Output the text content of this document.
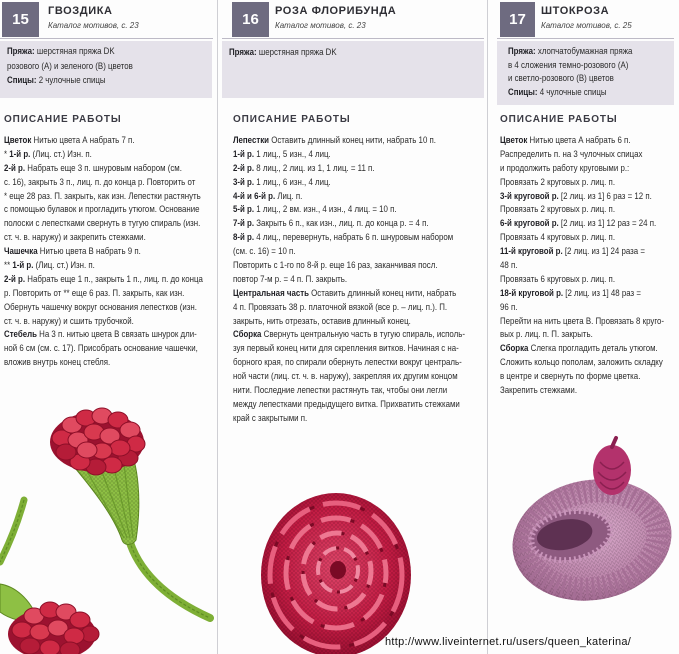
15	ГВОЗДИКА
Каталог мотивов, с. 23
Пряжа: шерстяная пряжа DK
розового (А) и зеленого (В) цветов
Спицы: 2 чулочные спицы
ОПИСАНИЕ РАБОТЫ
Цветок Нитью цвета А набрать 7 п.
* 1-й р. (Лиц. ст.) Изн. п.
2-й р. Набрать еще 3 п. шнуровым набором (см.
с. 16), закрыть 3 п., лиц. п. до конца р. Повторить от
* еще 28 раз. П. закрыть, как изн. Лепестки растянуть
с помощью булавок и прогладить утюгом. Основание
полоски с лепестками свернуть в тугую спираль (изн.
ст. ч. в. наружу) и закрепить стежками.
Чашечка Нитью цвета В набрать 9 п.
** 1-й р. (Лиц. ст.) Изн. п.
2-й р. Набрать еще 1 п., закрыть 1 п., лиц. п. до конца
р. Повторить от ** еще 6 раз. П. закрыть, как изн.
Обернуть чашечку вокруг основания лепестков (изн.
ст. ч. в. наружу) и сшить трубочкой.
Стебель На 3 п. нитью цвета В связать шнурок дли-
ной 6 см (см. с. 17). Присобрать основание чашечки,
вложив внутрь конец стебля.
16	РОЗА ФЛОРИБУНДА
Каталог мотивов, с. 23
Пряжа: шерстяная пряжа DK
ОПИСАНИЕ РАБОТЫ
Лепестки Оставить длинный конец нити, набрать 10 п.
1-й р. 1 лиц., 5 изн., 4 лиц.
2-й р. 8 лиц., 2 лиц. из 1, 1 лиц. = 11 п.
3-й р. 1 лиц., 6 изн., 4 лиц.
4-й и 6-й р. Лиц. п.
5-й р. 1 лиц., 2 вм. изн., 4 изн., 4 лиц. = 10 п.
7-й р. Закрыть 6 п., как изн., лиц. п. до конца р. = 4 п.
8-й р. 4 лиц., перевернуть, набрать 6 п. шнуровым набором
(см. с. 16) = 10 п.
Повторить с 1-го по 8-й р. еще 16 раз, заканчивая посл.
повтор 7-м р. = 4 п. П. закрыть.
Центральная часть Оставить длинный конец нити, набрать
4 п. Провязать 38 р. платочной вязкой (все р. – лиц. п.). П.
закрыть, нить отрезать, оставив длинный конец.
Сборка Свернуть центральную часть в тугую спираль, исполь-
зуя первый конец нити для скрепления витков. Начиная с на-
борного края, по спирали обернуть лепестки вокруг централь-
ной части (лиц. ст. ч. в. наружу), закрепляя их другим концом
нити. Последние лепестки растянуть так, чтобы они легли
между лепестками предыдущего витка. Прихватить стежками
край с закрытыми п.
17	ШТОКРОЗА
Каталог мотивов, с. 25
Пряжа: хлопчатобумажная пряжа
в 4 сложения темно-розового (А)
и светло-розового (В) цветов
Спицы: 4 чулочные спицы
ОПИСАНИЕ РАБОТЫ
Цветок Нитью цвета А набрать 6 п.
Распределить п. на 3 чулочных спицах
и продолжить работу круговыми р.:
Провязать 2 круговых р. лиц. п.
3-й круговой р. [2 лиц. из 1] 6 раз = 12 п.
Провязать 2 круговых р. лиц. п.
6-й круговой р. [2 лиц. из 1] 12 раз = 24 п.
Провязать 4 круговых р. лиц. п.
11-й круговой р. [2 лиц. из 1] 24 раза =
48 п.
Провязать 6 круговых р. лиц. п.
18-й круговой р. [2 лиц. из 1] 48 раз =
96 п.
Перейти на нить цвета В. Провязать 8 круго-
вых р. лиц. п. П. закрыть.
Сборка Слегка прогладить деталь утюгом.
Сложить кольцо пополам, заложить складку
в центре и свернуть по форме цветка.
Закрепить стежками.
http://www.liveinternet.ru/users/queen_katerina/
